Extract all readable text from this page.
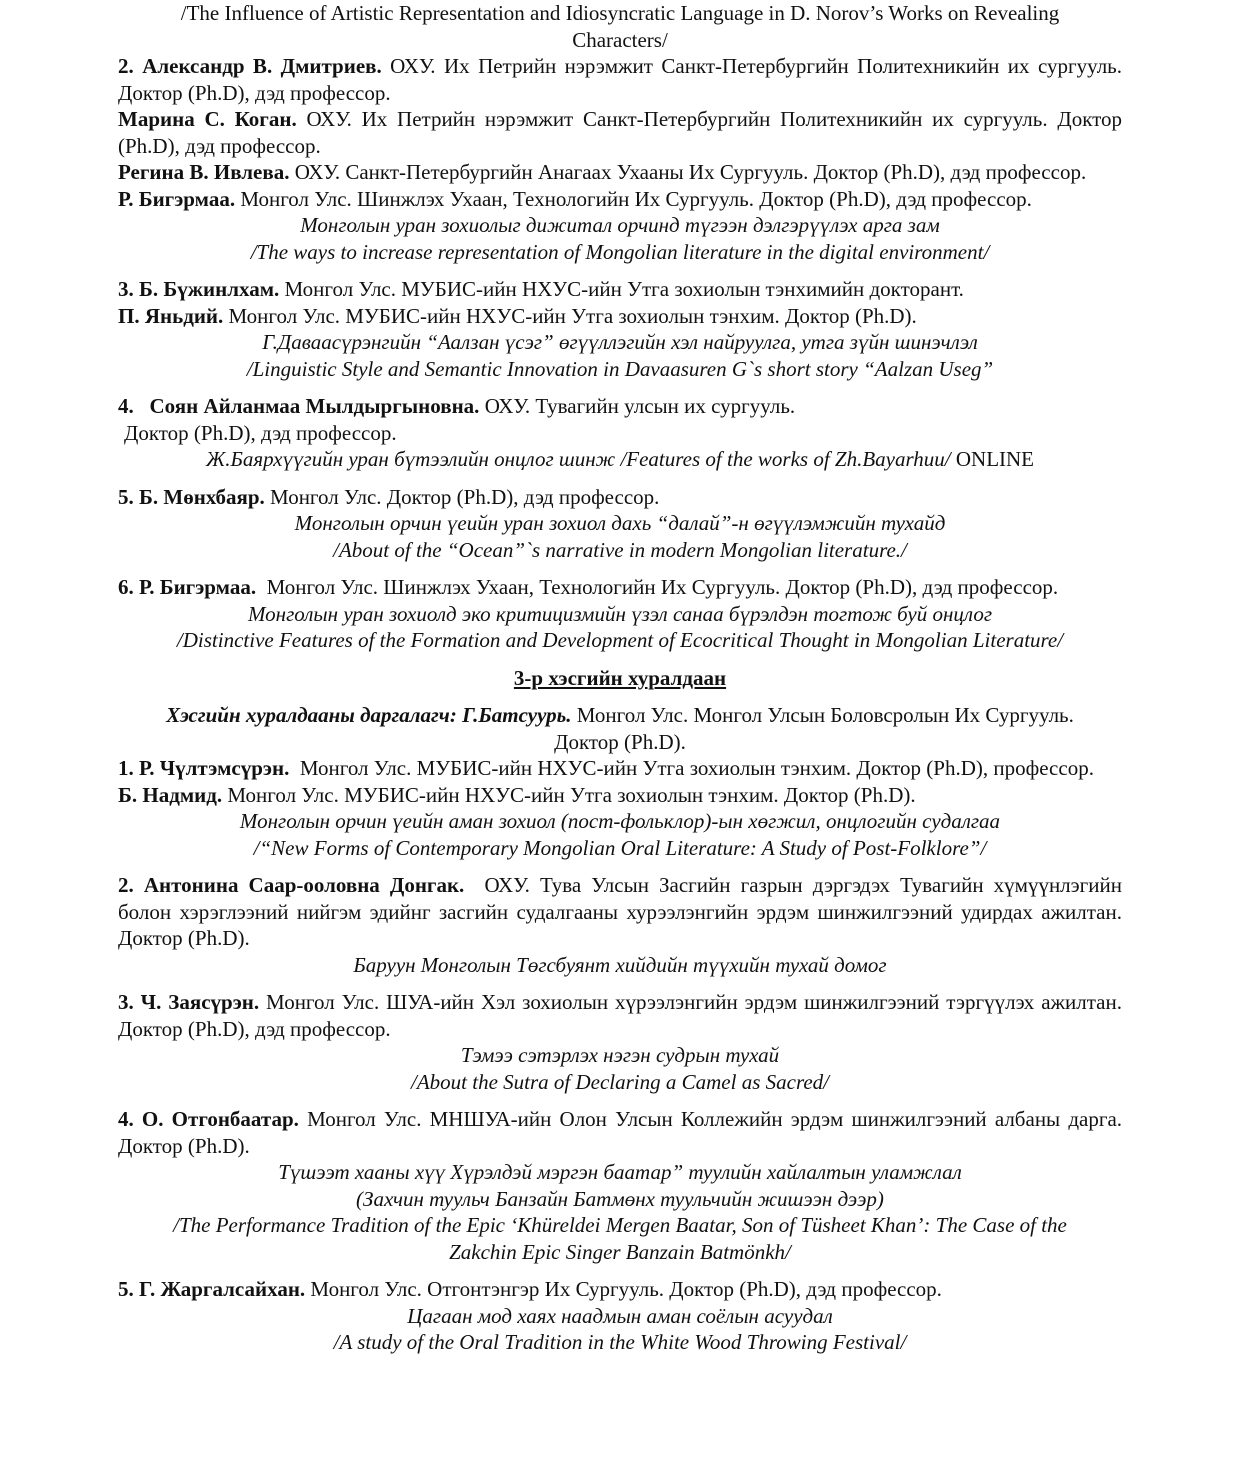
/The Influence of Artistic Representation and Idiosyncratic Language in D. Norov’s Works on Revealing
Characters/

2. Александр В. Дмитриев. ОХУ. Их Петрийн нэрэмжит Санкт-Петербургийн Политехникийн их сургууль. Доктор (Ph.D), дэд профессор.

Марина С. Коган. ОХУ. Их Петрийн нэрэмжит Санкт-Петербургийн Политехникийн их сургууль. Доктор (Ph.D), дэд профессор.

Регина В. Ивлева. ОХУ. Санкт-Петербургийн Анагаах Ухааны Их Сургууль. Доктор (Ph.D), дэд профессор.

Р. Бигэрмаа. Монгол Улс. Шинжлэх Ухаан, Технологийн Их Сургууль. Доктор (Ph.D), дэд профессор.

Монголын уран зохиолыг дижитал орчинд түгээн дэлгэрүүлэх арга зам

/The ways to increase representation of Mongolian literature in the digital environment/

3. Б. Бүжинлхам. Монгол Улс. МУБИС-ийн НХУС-ийн Утга зохиолын тэнхимийн докторант.

П. Яньдий. Монгол Улс. МУБИС-ийн НХУС-ийн Утга зохиолын тэнхим. Доктор (Ph.D).

Г.Даваасүрэнгийн “Аалзан үсэг” өгүүллэгийн хэл найруулга, утга зүйн шинэчлэл

/Linguistic Style and Semantic Innovation in Davaasuren G`s short story “Aalzan Useg”

4. Соян Айланмаа Мылдыргыновна. ОХУ. Тувагийн улсын их сургууль.

Доктор (Ph.D), дэд профессор.

Ж.Баярхүүгийн уран бүтээлийн онцлог шинж /Features of the works of Zh.Bayarhuu/ ONLINE

5. Б. Мөнхбаяр. Монгол Улс. Доктор (Ph.D), дэд профессор.

Монголын орчин үеийн уран зохиол дахь “далай”-н өгүүлэмжийн тухайд

/About of the “Ocean”`s narrative in modern Mongolian literature./

6. Р. Бигэрмаа. Монгол Улс. Шинжлэх Ухаан, Технологийн Их Сургууль. Доктор (Ph.D), дэд профессор.

Монголын уран зохиолд эко критицизмийн үзэл санаа бүрэлдэн тогтож буй онцлог

/Distinctive Features of the Formation and Development of Ecocritical Thought in Mongolian Literature/

3-р хэсгийн хуралдаан

Хэсгийн хуралдааны даргалагч: Г.Батсуурь. Монгол Улс. Монгол Улсын Боловсролын Их Сургууль.
Доктор (Ph.D).

1. Р. Чүлтэмсүрэн. Монгол Улс. МУБИС-ийн НХУС-ийн Утга зохиолын тэнхим. Доктор (Ph.D), профессор.

Б. Надмид. Монгол Улс. МУБИС-ийн НХУС-ийн Утга зохиолын тэнхим. Доктор (Ph.D).

Монголын орчин үеийн аман зохиол (пост-фольклор)-ын хөгжил, онцлогийн судалгаа

/“New Forms of Contemporary Mongolian Oral Literature: A Study of Post-Folklore”/

2. Антонина Саар-ооловна Донгак. ОХУ. Тува Улсын Засгийн газрын дэргэдэх Тувагийн хүмүүнлэгийн болон хэрэглээний нийгэм эдийнг засгийн судалгааны хурээлэнгийн эрдэм шинжилгээний удирдах ажилтан. Доктор (Ph.D).

Баруун Монголын Төгсбуянт хийдийн түүхийн тухай домог

3. Ч. Заясүрэн. Монгол Улс. ШУА-ийн Хэл зохиолын хүрээлэнгийн эрдэм шинжилгээний тэргүүлэх ажилтан. Доктор (Ph.D), дэд профессор.

Тэмээ сэтэрлэх нэгэн судрын тухай

/About the Sutra of Declaring a Camel as Sacred/

4. О. Отгонбаатар. Монгол Улс. МНШУА-ийн Олон Улсын Коллежийн эрдэм шинжилгээний албаны дарга. Доктор (Ph.D).

Түшээт хааны хүү Хүрэлдэй мэргэн баатар” туулийн хайлалтын уламжлал

(Захчин туульч Банзайн Батмөнх туульчийн жишээн дээр)

/The Performance Tradition of the Epic ‘Khüreldei Mergen Baatar, Son of Tüsheet Khan’: The Case of the
Zakchin Epic Singer Banzain Batmönkh/

5. Г. Жаргалсайхан. Монгол Улс. Отгонтэнгэр Их Сургууль. Доктор (Ph.D), дэд профессор.

Цагаан мод хаях наадмын аман соёлын асуудал

/A study of the Oral Tradition in the White Wood Throwing Festival/
